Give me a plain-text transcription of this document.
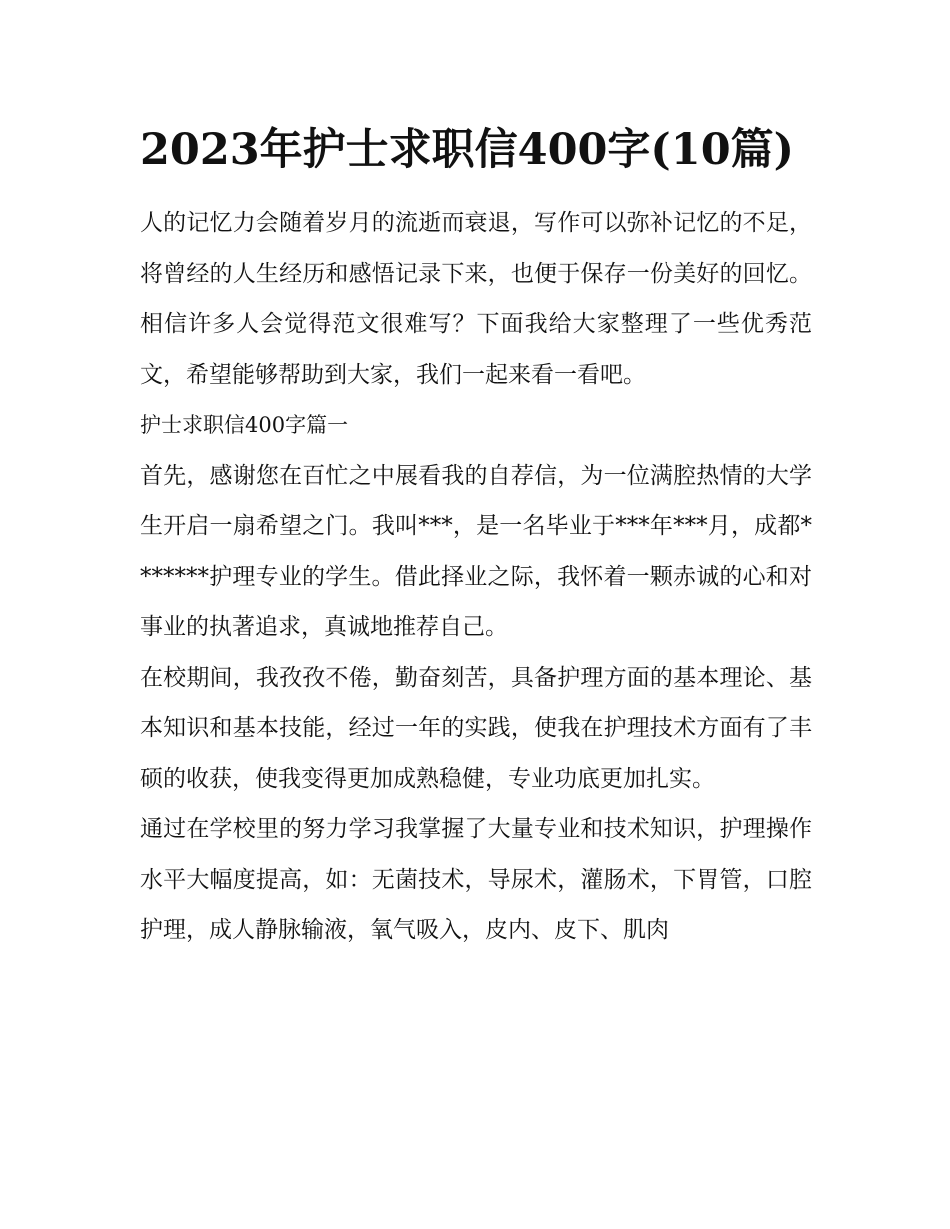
2023年护士求职信400字(10篇)

人的记忆力会随着岁月的流逝而衰退，写作可以弥补记忆的不足，将曾经的人生经历和感悟记录下来，也便于保存一份美好的回忆。相信许多人会觉得范文很难写？下面我给大家整理了一些优秀范文，希望能够帮助到大家，我们一起来看一看吧。

护士求职信400字篇一

首先，感谢您在百忙之中展看我的自荐信，为一位满腔热情的大学生开启一扇希望之门。我叫***，是一名毕业于***年***月，成都*******护理专业的学生。借此择业之际，我怀着一颗赤诚的心和对事业的执著追求，真诚地推荐自己。

在校期间，我孜孜不倦，勤奋刻苦，具备护理方面的基本理论、基本知识和基本技能，经过一年的实践，使我在护理技术方面有了丰硕的收获，使我变得更加成熟稳健，专业功底更加扎实。

通过在学校里的努力学习我掌握了大量专业和技术知识，护理操作水平大幅度提高，如：无菌技术，导尿术，灌肠术，下胃管，口腔护理，成人静脉输液，氧气吸入，皮内、皮下、肌肉
